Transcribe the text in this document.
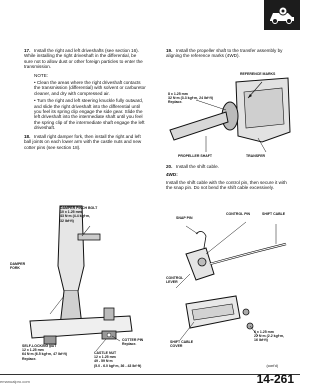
17. Install the right and left driveshafts (see section 16). While installing the right driveshaft in the differential, be sure not to allow dust or other foreign particles to enter the transmission.

NOTE:

• Clean the areas where the right driveshaft contacts the transmission (differential) with solvent or carburetor cleaner, and dry with compressed air.

• Turn the right and left steering knuckle fully outward, and slide the right driveshaft into the differential until you feel its spring clip engage the side gear. Slide the left driveshaft into the intermediate shaft until you feel the spring clip of the intermediate shaft engage the left driveshaft.

18. Install right damper fork, then install the right and left ball joints on each lower arm with the castle nuts and new cotter pins (see section 18).

DAMPER PINCH BOLT
10 x 1.25 mm
43 N·m (4.4 kgf·m,
32 lbf·ft)
DAMPER
FORK
SELF-LOCKING NUT
12 x 1.25 mm
64 N·m (6.5 kgf·m, 47 lbf·ft)
Replace.
COTTER PIN
Replace.
CASTLE NUT
12 x 1.25 mm
49 - 59 N·m
(5.0 - 6.0 kgf·m, 36 - 43 lbf·ft)

19. Install the propeller shaft to the transfer assembly by aligning the reference marks (4WD).

REFERENCE MARKS
8 x 1.25 mm
32 N·m (3.3 kgf·m, 24 lbf·ft)
Replace.
PROPELLER SHAFT	TRANSFER

20. Install the shift cable.

4WD:

Install the shift cable with the control pin, then secure it with the snap pin. Do not bend the shift cable excessively.

CONTROL PIN
SNAP PIN
SHIFT CABLE
CONTROL
LEVER
SHIFT CABLE
COVER
6 x 1.25 mm
22 N·m (2.2 kgf·m,
16 lbf·ft)
(cont'd)
14-261
emanualpro.com
